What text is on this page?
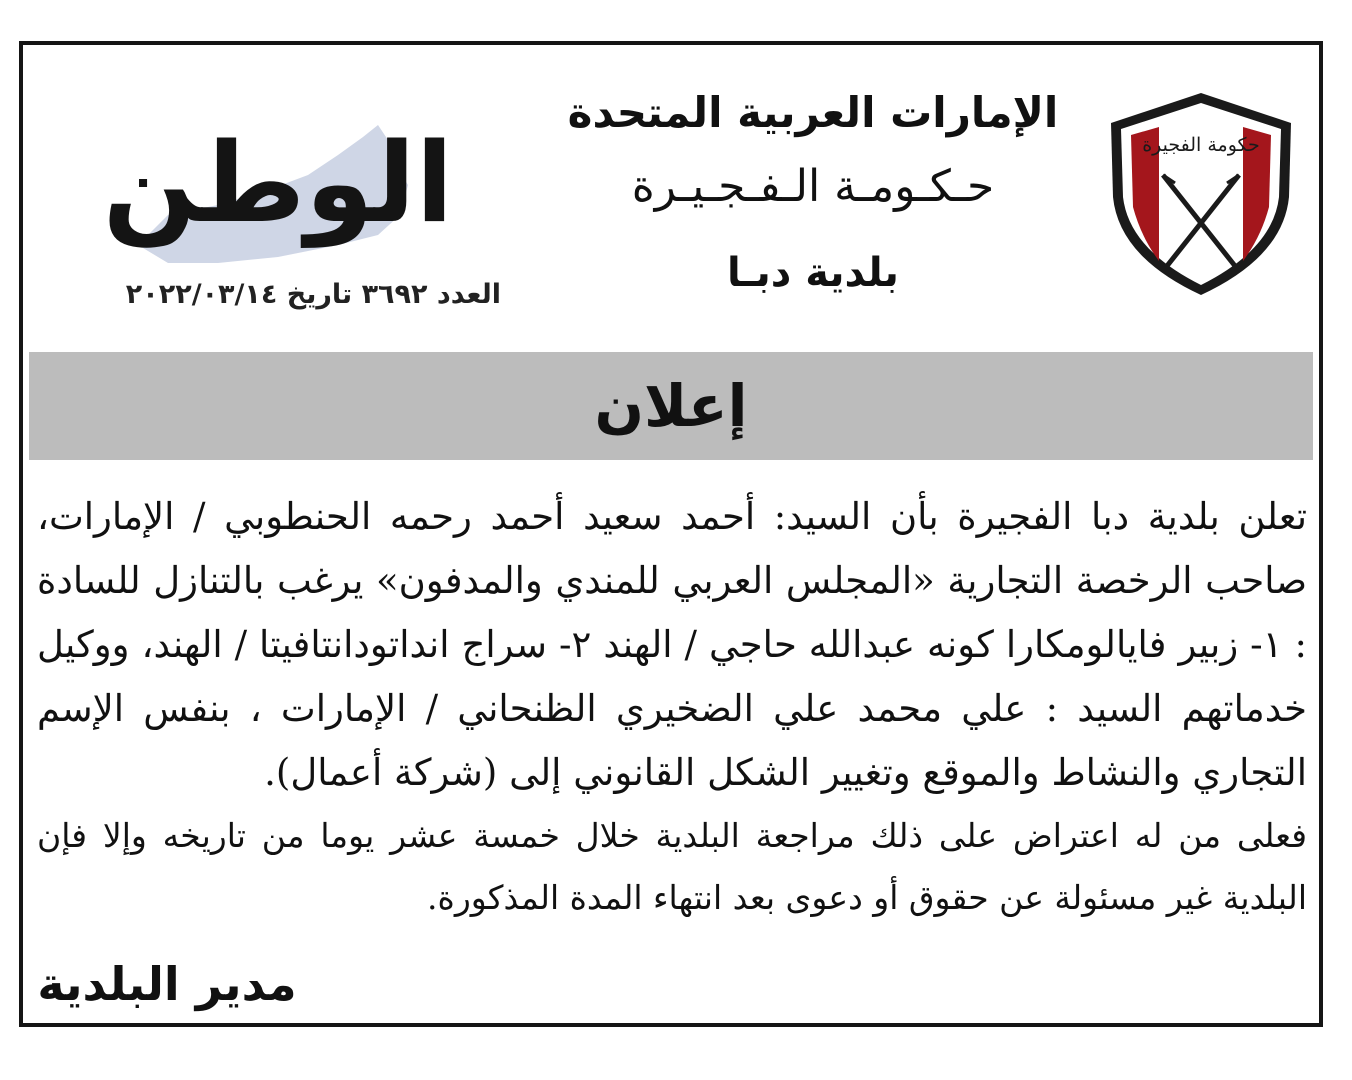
حكومة الفجيرة
الإمارات العربية المتحدة
حـكـومـة الـفـجـيـرة
بلدية دبـا
الوطن
العدد ٣٦٩٢ تاريخ ٢٠٢٢/٠٣/١٤
إعلان
تعلن بلدية دبا الفجيرة بأن السيد: أحمد سعيد أحمد رحمه الحنطوبي / الإمارات، صاحب الرخصة التجارية «المجلس العربي للمندي والمدفون» يرغب بالتنازل للسادة : ١- زبير فايالومكارا كونه عبدالله حاجي / الهند ٢- سراج انداتودانتافيتا / الهند، ووكيل خدماتهم السيد : علي محمد علي الضخيري الظنحاني / الإمارات ، بنفس الإسم التجاري والنشاط والموقع وتغيير الشكل القانوني إلى (شركة أعمال).
فعلى من له اعتراض على ذلك مراجعة البلدية خلال خمسة عشر يوما من تاريخه وإلا فإن البلدية غير مسئولة عن حقوق أو دعوى بعد انتهاء المدة المذكورة.
مدير البلدية
